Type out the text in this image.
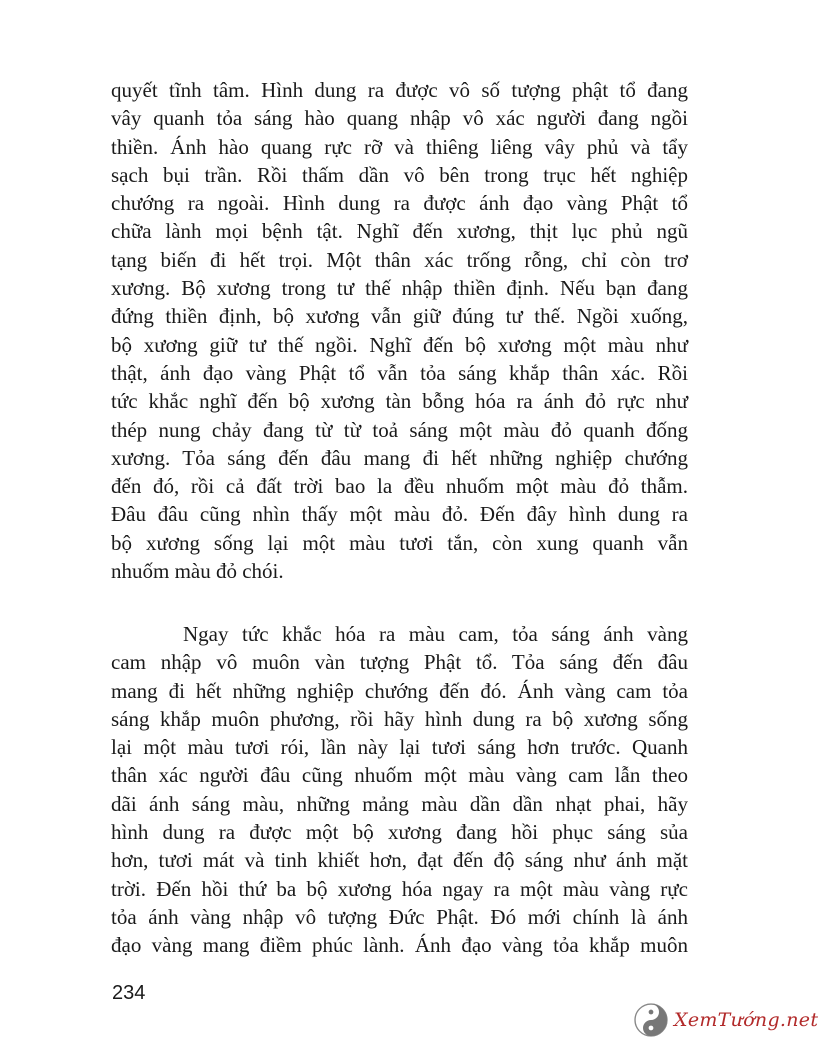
quyết tĩnh tâm. Hình dung ra được vô số tượng phật tổ đang
vây quanh tỏa sáng hào quang nhập vô xác người đang ngồi
thiền. Ánh hào quang rực rỡ và thiêng liêng vây phủ và tẩy
sạch bụi trần. Rồi thấm dần vô bên trong trục hết nghiệp
chướng ra ngoài. Hình dung ra được ánh đạo vàng Phật tổ
chữa lành mọi bệnh tật. Nghĩ đến xương, thịt lục phủ ngũ
tạng biến đi hết trọi. Một thân xác trống rỗng, chỉ còn trơ
xương. Bộ xương trong tư thế nhập thiền định. Nếu bạn đang
đứng thiền định, bộ xương vẫn giữ đúng tư thế. Ngồi xuống,
bộ xương giữ tư thế ngồi. Nghĩ đến bộ xương một màu như
thật, ánh đạo vàng Phật tổ vẫn tỏa sáng khắp thân xác. Rồi
tức khắc nghĩ đến bộ xương tàn bỗng hóa ra ánh đỏ rực như
thép nung chảy đang từ từ toả sáng một màu đỏ quanh đống
xương. Tỏa sáng đến đâu mang đi hết những nghiệp chướng
đến đó, rồi cả đất trời bao la đều nhuốm một màu đỏ thẫm.
Đâu đâu cũng nhìn thấy một màu đỏ. Đến đây hình dung ra
bộ xương sống lại một màu tươi tắn, còn xung quanh vẫn
nhuốm màu đỏ chói.
Ngay tức khắc hóa ra màu cam, tỏa sáng ánh vàng
cam nhập vô muôn vàn tượng Phật tổ. Tỏa sáng đến đâu
mang đi hết những nghiệp chướng đến đó. Ánh vàng cam tỏa
sáng khắp muôn phương, rồi hãy hình dung ra bộ xương sống
lại một màu tươi rói, lần này lại tươi sáng hơn trước. Quanh
thân xác người đâu cũng nhuốm một màu vàng cam lẫn theo
dãi ánh sáng màu, những mảng màu dần dần nhạt phai, hãy
hình dung ra được một bộ xương đang hồi phục sáng sủa
hơn, tươi mát và tinh khiết hơn, đạt đến độ sáng như ánh mặt
trời. Đến hồi thứ ba bộ xương hóa ngay ra một màu vàng rực
tỏa ánh vàng nhập vô tượng Đức Phật. Đó mới chính là ánh
đạo vàng mang điềm phúc lành. Ánh đạo vàng tỏa khắp muôn
234
XemTướng.net
